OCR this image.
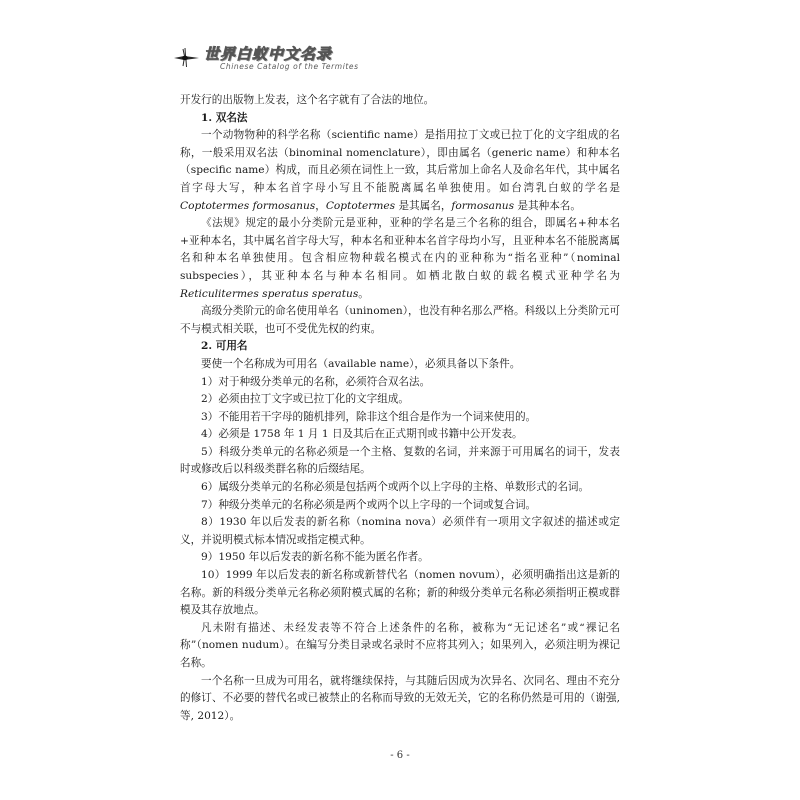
世界白蚁中文名录
Chinese Catalog of the Termites

开发行的出版物上发表，这个名字就有了合法的地位。

1. 双名法

一个动物物种的科学名称（scientific name）是指用拉丁文或已拉丁化的文字组成的名称，一般采用双名法（binominal nomenclature），即由属名（generic name）和种本名（specific name）构成，而且必须在词性上一致，其后常加上命名人及命名年代，其中属名首字母大写，种本名首字母小写且不能脱离属名单独使用。如台湾乳白蚁的学名是 Coptotermes formosanus，Coptotermes 是其属名，formosanus 是其种本名。

《法规》规定的最小分类阶元是亚种，亚种的学名是三个名称的组合，即属名+种本名+亚种本名，其中属名首字母大写，种本名和亚种本名首字母均小写，且亚种本名不能脱离属名和种本名单独使用。包含相应物种载名模式在内的亚种称为“指名亚种”（nominal subspecies），其亚种本名与种本名相同。如栖北散白蚁的载名模式亚种学名为 Reticulitermes speratus speratus。

高级分类阶元的命名使用单名（uninomen），也没有种名那么严格。科级以上分类阶元可不与模式相关联，也可不受优先权的约束。

2. 可用名

要使一个名称成为可用名（available name），必须具备以下条件。

1）对于种级分类单元的名称，必须符合双名法。

2）必须由拉丁文字或已拉丁化的文字组成。

3）不能用若干字母的随机排列，除非这个组合是作为一个词来使用的。

4）必须是 1758 年 1 月 1 日及其后在正式期刊或书籍中公开发表。

5）科级分类单元的名称必须是一个主格、复数的名词，并来源于可用属名的词干，发表时或修改后以科级类群名称的后缀结尾。

6）属级分类单元的名称必须是包括两个或两个以上字母的主格、单数形式的名词。

7）种级分类单元的名称必须是两个或两个以上字母的一个词或复合词。

8）1930 年以后发表的新名称（nomina nova）必须伴有一项用文字叙述的描述或定义，并说明模式标本情况或指定模式种。

9）1950 年以后发表的新名称不能为匿名作者。

10）1999 年以后发表的新名称或新替代名（nomen novum），必须明确指出这是新的名称。新的科级分类单元名称必须附模式属的名称；新的种级分类单元名称必须指明正模或群模及其存放地点。

凡未附有描述、未经发表等不符合上述条件的名称，被称为“无记述名”或“裸记名称”（nomen nudum）。在编写分类目录或名录时不应将其列入；如果列入，必须注明为裸记名称。

一个名称一旦成为可用名，就将继续保持，与其随后因成为次异名、次同名、理由不充分的修订、不必要的替代名或已被禁止的名称而导致的无效无关，它的名称仍然是可用的（谢强, 等, 2012）。

- 6 -
